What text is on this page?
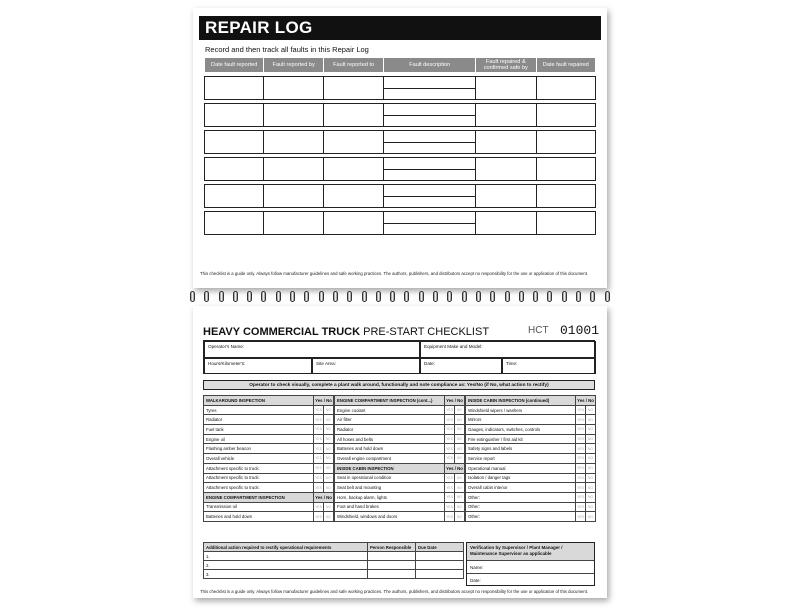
REPAIR LOG
Record and then track all faults in this Repair Log
Date fault reported	Fault reported by	Fault reported to	Fault description	Fault repaired & confirmed safe by	Date fault repaired

This checklist is a guide only. Always follow manufacturer guidelines and safe working practices. The authors, publishers, and distributors accept no responsibility for the use or application of this document.
HEAVY COMMERCIAL TRUCK PRE-START CHECKLIST	HCT 01001
Operator's Name:	Equipment Make and Model:
Hours/Kilometer's:	Site Area:	Date:	Time:
Operator to check visually, complete a plant walk around, functionally and note compliance as: Yes/No (if No, what action to rectify)
WALKAROUND INSPECTION	Yes / No	
Tyres	YES	NO
Radiator	YES	NO
Fuel tank	YES	NO
Engine oil	YES	NO
Flashing amber beacon	YES	NO
Overall vehicle	YES	NO
Attachment specific to truck:	YES	NO
Attachment specific to truck:	YES	NO
Attachment specific to truck:	YES	NO
ENGINE COMPARTMENT INSPECTION	Yes / No	
Transmission oil	YES	NO
Batteries and hold down	YES	NO
ENGINE COMPARTMENT INSPECTION (cont...)	Yes / No	
Engine coolant	YES	NO
Air filter	YES	NO
Radiator	YES	NO
All hoses and belts	YES	NO
Batteries and hold down	YES	NO
Overall engine compartment	YES	NO
INSIDE CABIN INSPECTION	Yes / No	
Seat in operational condition	YES	NO
Seat belt and mounting	YES	NO
Horn, backup alarm, lights	YES	NO
Foot and hand brakes	YES	NO
Windshield, windows and doors	YES	NO
INSIDE CABIN INSPECTION (continued)	Yes / No	
Windshield wipers / washers	YES	NO
Mirrors	YES	NO
Gauges, indicators, switches, controls	YES	NO
Fire extinguisher / first aid kit	YES	NO
Safety signs and labels	YES	NO
Service report	YES	NO
Operational manual	YES	NO
Isolation / danger tags	YES	NO
Overall cabin interior	YES	NO
Other:	YES	NO
Other:	YES	NO
Other:	YES	NO
Additional action required to rectify operational requirements	Person Responsible	Due Date
1.		
2.		
3.		
Verification by Supervisor / Plant Manager / Maintenance Supervisor as applicable
Name:
Date:
This checklist is a guide only. Always follow manufacturer guidelines and safe working practices. The authors, publishers, and distributors accept no responsibility for the use or application of this document.
